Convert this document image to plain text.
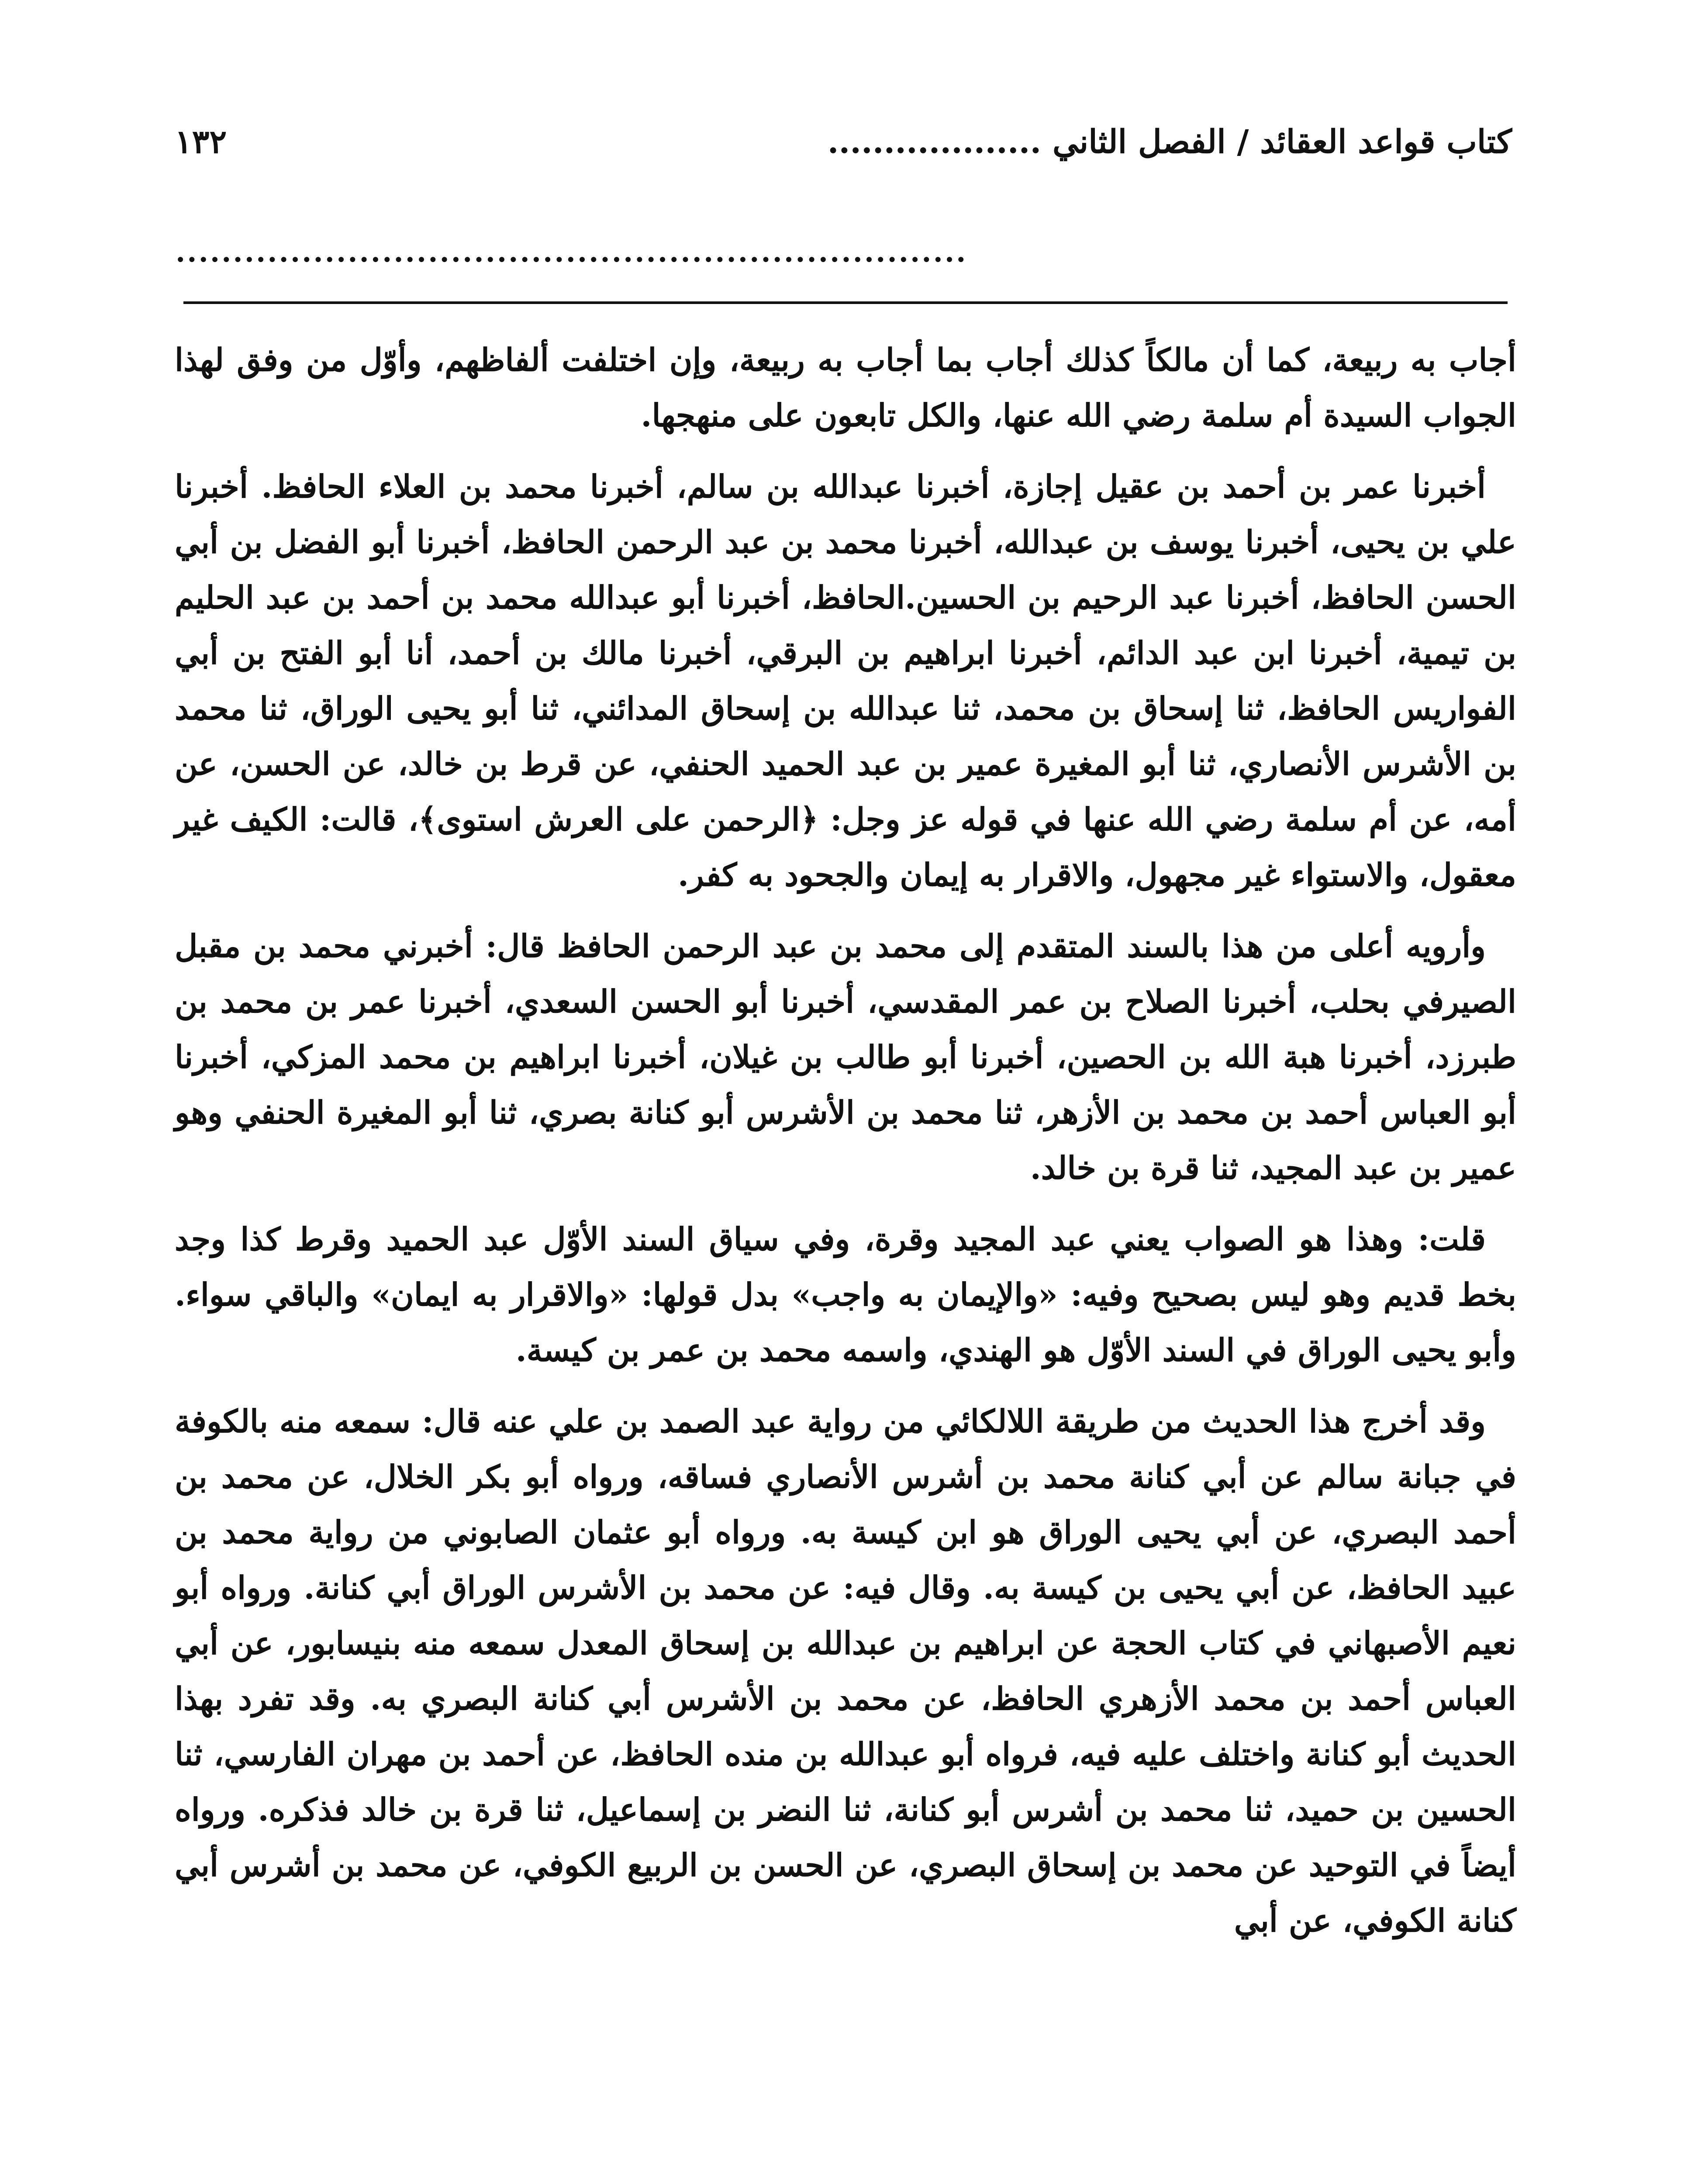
كتاب قواعد العقائد / الفصل الثاني ...................
١٣٢
.....................................................................

أجاب به ربيعة، كما أن مالكاً كذلك أجاب بما أجاب به ربيعة، وإن اختلفت ألفاظهم، وأوّل من وفق لهذا الجواب السيدة أم سلمة رضي الله عنها، والكل تابعون على منهجها.

أخبرنا عمر بن أحمد بن عقيل إجازة، أخبرنا عبدالله بن سالم، أخبرنا محمد بن العلاء الحافظ. أخبرنا علي بن يحيى، أخبرنا يوسف بن عبدالله، أخبرنا محمد بن عبد الرحمن الحافظ، أخبرنا أبو الفضل بن أبي الحسن الحافظ، أخبرنا عبد الرحيم بن الحسين.الحافظ، أخبرنا أبو عبدالله محمد بن أحمد بن عبد الحليم بن تيمية، أخبرنا ابن عبد الدائم، أخبرنا ابراهيم بن البرقي، أخبرنا مالك بن أحمد، أنا أبو الفتح بن أبي الفواريس الحافظ، ثنا إسحاق بن محمد، ثنا عبدالله بن إسحاق المدائني، ثنا أبو يحيى الوراق، ثنا محمد بن الأشرس الأنصاري، ثنا أبو المغيرة عمير بن عبد الحميد الحنفي، عن قرط بن خالد، عن الحسن، عن أمه، عن أم سلمة رضي الله عنها في قوله عز وجل: ﴿الرحمن على العرش استوى﴾، قالت: الكيف غير معقول، والاستواء غير مجهول، والاقرار به إيمان والجحود به كفر.

وأرويه أعلى من هذا بالسند المتقدم إلى محمد بن عبد الرحمن الحافظ قال: أخبرني محمد بن مقبل الصيرفي بحلب، أخبرنا الصلاح بن عمر المقدسي، أخبرنا أبو الحسن السعدي، أخبرنا عمر بن محمد بن طبرزد، أخبرنا هبة الله بن الحصين، أخبرنا أبو طالب بن غيلان، أخبرنا ابراهيم بن محمد المزكي، أخبرنا أبو العباس أحمد بن محمد بن الأزهر، ثنا محمد بن الأشرس أبو كنانة بصري، ثنا أبو المغيرة الحنفي وهو عمير بن عبد المجيد، ثنا قرة بن خالد.

قلت: وهذا هو الصواب يعني عبد المجيد وقرة، وفي سياق السند الأوّل عبد الحميد وقرط كذا وجد بخط قديم وهو ليس بصحيح وفيه: «والإيمان به واجب» بدل قولها: «والاقرار به ايمان» والباقي سواء. وأبو يحيى الوراق في السند الأوّل هو الهندي، واسمه محمد بن عمر بن كيسة.

وقد أخرج هذا الحديث من طريقة اللالكائي من رواية عبد الصمد بن علي عنه قال: سمعه منه بالكوفة في جبانة سالم عن أبي كنانة محمد بن أشرس الأنصاري فساقه، ورواه أبو بكر الخلال، عن محمد بن أحمد البصري، عن أبي يحيى الوراق هو ابن كيسة به. ورواه أبو عثمان الصابوني من رواية محمد بن عبيد الحافظ، عن أبي يحيى بن كيسة به. وقال فيه: عن محمد بن الأشرس الوراق أبي كنانة. ورواه أبو نعيم الأصبهاني في كتاب الحجة عن ابراهيم بن عبدالله بن إسحاق المعدل سمعه منه بنيسابور، عن أبي العباس أحمد بن محمد الأزهري الحافظ، عن محمد بن الأشرس أبي كنانة البصري به. وقد تفرد بهذا الحديث أبو كنانة واختلف عليه فيه، فرواه أبو عبدالله بن منده الحافظ، عن أحمد بن مهران الفارسي، ثنا الحسين بن حميد، ثنا محمد بن أشرس أبو كنانة، ثنا النضر بن إسماعيل، ثنا قرة بن خالد فذكره. ورواه أيضاً في التوحيد عن محمد بن إسحاق البصري، عن الحسن بن الربيع الكوفي، عن محمد بن أشرس أبي كنانة الكوفي، عن أبي
